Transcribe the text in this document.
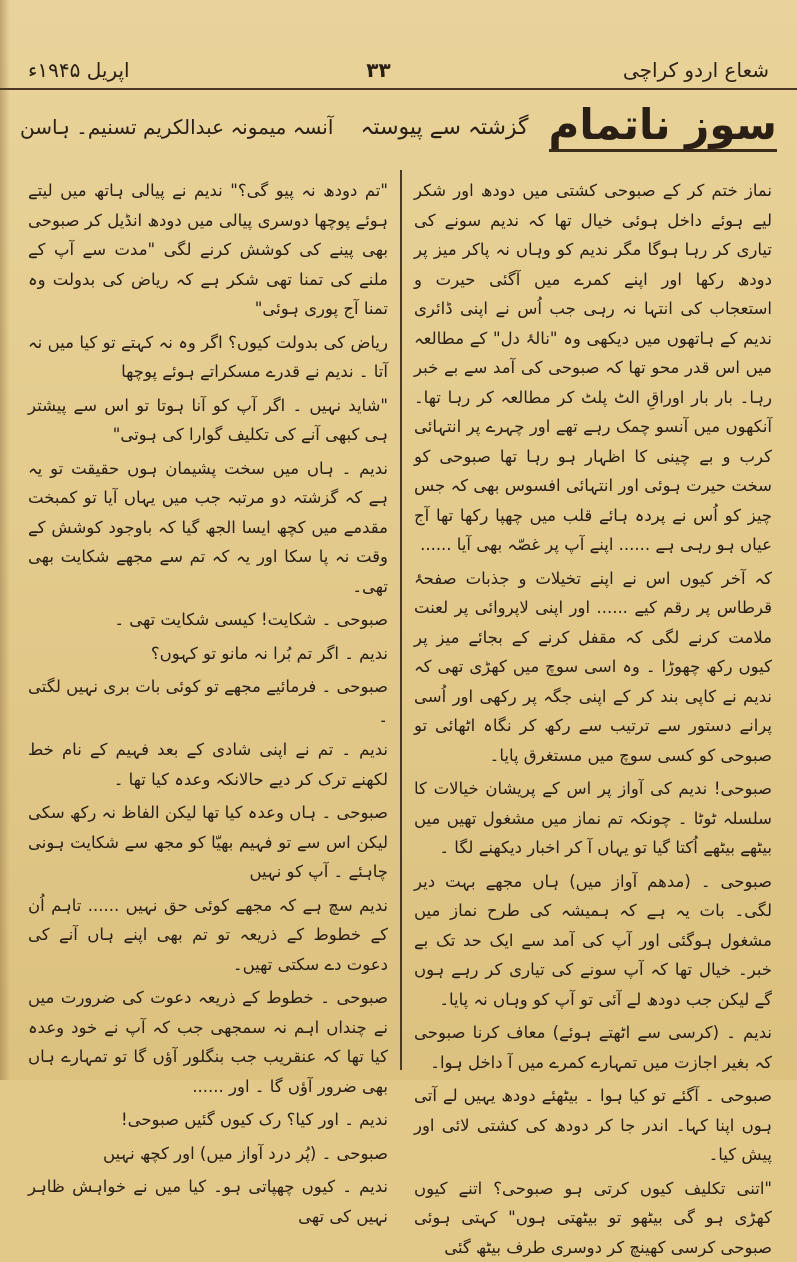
اپریل ۱۹۴۵ء	۳۳	شعاع اردو کراچی
سوز ناتمام
گزشتہ سے پیوستہ
آنسہ میمونہ عبدالکریم تسنیم۔ ہاسن

نماز ختم کر کے صبوحی کشتی میں دودھ اور شکر لیے ہوئے داخل ہوئی خیال تھا کہ ندیم سونے کی تیاری کر رہا ہوگا مگر ندیم کو وہاں نہ پاکر میز پر دودھ رکھا اور اپنے کمرے میں آگئی حیرت و استعجاب کی انتہا نہ رہی جب اُس نے اپنی ڈائری ندیم کے ہاتھوں میں دیکھی وہ "نالۂ دل" کے مطالعہ میں اس قدر محو تھا کہ صبوحی کی آمد سے بے خبر رہا۔ بار بار اوراقِ الٹ پلٹ کر مطالعہ کر رہا تھا۔ آنکھوں میں آنسو چمک رہے تھے اور چہرے پر انتہائی کرب و بے چینی کا اظہار ہو رہا تھا صبوحی کو سخت حیرت ہوئی اور انتہائی افسوس بھی کہ جس چیز کو اُس نے پردہ ہائے قلب میں چھپا رکھا تھا آج عیاں ہو رہی ہے ...... اپنے آپ پر غصّہ بھی آیا ......

کہ آخر کیوں اس نے اپنے تخیلات و جذبات صفحۂ قرطاس پر رقم کیے ...... اور اپنی لاپروائی پر لعنت ملامت کرنے لگی کہ مقفل کرنے کے بجائے میز پر کیوں رکھ چھوڑا ۔ وہ اسی سوچ میں کھڑی تھی کہ ندیم نے کاپی بند کر کے اپنی جگہ پر رکھی اور اُسی پرانے دستور سے ترتیب سے رکھ کر نگاہ اٹھائی تو صبوحی کو کسی سوچ میں مستغرق پایا۔

صبوحی! ندیم کی آواز پر اس کے پریشان خیالات کا سلسلہ ٹوٹا ۔ چونکہ تم نماز میں مشغول تھیں میں بیٹھے بیٹھے اُکتا گیا تو یہاں آ کر اخبار دیکھنے لگا ۔

صبوحی ۔ (مدھم آواز میں) ہاں مجھے بہت دیر لگی۔ بات یہ ہے کہ ہمیشہ کی طرح نماز میں مشغول ہوگئی اور آپ کی آمد سے ایک حد تک بے خبر۔ خیال تھا کہ آپ سونے کی تیاری کر رہے ہوں گے لیکن جب دودھ لے آئی تو آپ کو وہاں نہ پایا۔

ندیم ۔ (کرسی سے اٹھتے ہوئے) معاف کرنا صبوحی کہ بغیر اجازت میں تمہارے کمرے میں آ داخل ہوا۔

صبوحی ۔ آگئے تو کیا ہوا ۔ بیٹھئے دودھ یہیں لے آتی ہوں اپنا کہا۔ اندر جا کر دودھ کی کشتی لائی اور پیش کیا۔

"اتنی تکلیف کیوں کرتی ہو صبوحی؟ اتنے کیوں کھڑی ہو گی بیٹھو تو بیٹھتی ہوں" کہتی ہوئی صبوحی کرسی کھینچ کر دوسری طرف بیٹھ گئی

"تم دودھ نہ پیو گی؟" ندیم نے پیالی ہاتھ میں لیتے ہوئے پوچھا دوسری پیالی میں دودھ انڈیل کر صبوحی بھی پینے کی کوشش کرنے لگی "مدت سے آپ کے ملنے کی تمنا تھی شکر ہے کہ ریاض کی بدولت وہ تمنا آج پوری ہوئی"

ریاض کی بدولت کیوں؟ اگر وہ نہ کہتے تو کیا میں نہ آتا ۔ ندیم نے قدرے مسکراتے ہوئے پوچھا

"شاید نہیں ۔ اگر آپ کو آنا ہوتا تو اس سے پیشتر ہی کبھی آنے کی تکلیف گوارا کی ہوتی"

ندیم ۔ ہاں میں سخت پشیمان ہوں حقیقت تو یہ ہے کہ گزشتہ دو مرتبہ جب میں یہاں آیا تو کمبخت مقدمے میں کچھ ایسا الجھ گیا کہ باوجود کوشش کے وقت نہ پا سکا اور یہ کہ تم سے مجھے شکایت بھی تھی۔

صبوحی ۔ شکایت! کیسی شکایت تھی ۔

ندیم ۔ اگر تم بُرا نہ مانو تو کہوں؟

صبوحی ۔ فرمائیے مجھے تو کوئی بات بری نہیں لگتی ۔

ندیم ۔ تم نے اپنی شادی کے بعد فہیم کے نام خط لکھنے ترک کر دیے حالانکہ وعدہ کیا تھا ۔

صبوحی ۔ ہاں وعدہ کیا تھا لیکن الفاظ نہ رکھ سکی لیکن اس سے تو فہیم بھیّا کو مجھ سے شکایت ہونی چاہئے ۔ آپ کو نہیں

ندیم سچ ہے کہ مجھے کوئی حق نہیں ...... تاہم اُن کے خطوط کے ذریعہ تو تم بھی اپنے ہاں آنے کی دعوت دے سکتی تھیں۔

صبوحی ۔ خطوط کے ذریعہ دعوت کی ضرورت میں نے چنداں اہم نہ سمجھی جب کہ آپ نے خود وعدہ کیا تھا کہ عنقریب جب بنگلور آؤں گا تو تمہارے ہاں بھی ضرور آؤں گا ۔ اور ......

ندیم ۔ اور کیا؟ رک کیوں گئیں صبوحی!

صبوحی ۔ (پُر درد آواز میں) اور کچھ نہیں

ندیم ۔ کیوں چھپاتی ہو۔ کیا میں نے خواہش ظاہر نہیں کی تھی
